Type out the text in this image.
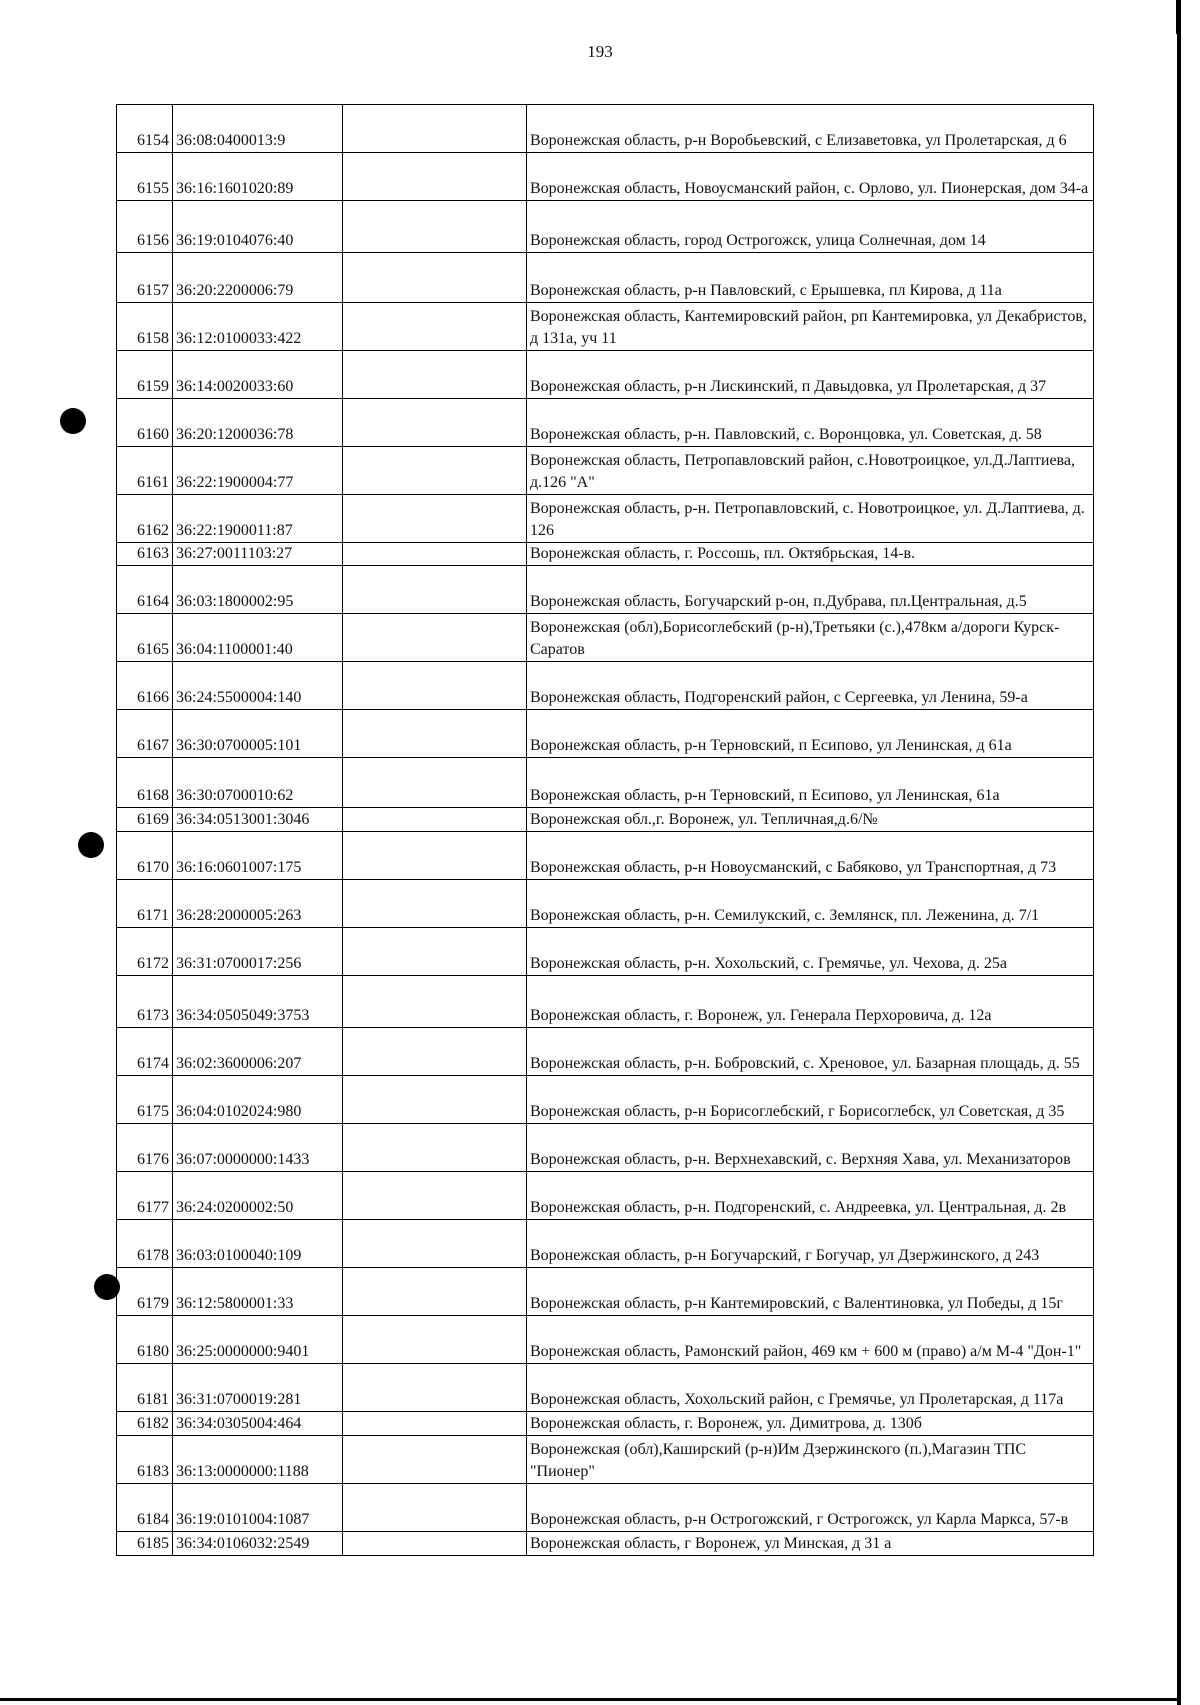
193
6154	36:08:0400013:9		Воронежская область, р-н Воробьевский, с Елизаветовка, ул Пролетарская, д 6
6155	36:16:1601020:89		Воронежская область, Новоусманский район, с. Орлово, ул. Пионерская, дом 34-а
6156	36:19:0104076:40		Воронежская область, город Острогожск, улица Солнечная, дом 14
6157	36:20:2200006:79		Воронежская область, р-н Павловский, с Ерышевка, пл Кирова, д 11а
6158	36:12:0100033:422		Воронежская область, Кантемировский район, рп Кантемировка, ул Декабристов, д 131а, уч 11
6159	36:14:0020033:60		Воронежская область, р-н Лискинский, п Давыдовка, ул Пролетарская, д 37
6160	36:20:1200036:78		Воронежская область, р-н. Павловский, с. Воронцовка, ул. Советская, д. 58
6161	36:22:1900004:77		Воронежская область, Петропавловский район, с.Новотроицкое, ул.Д.Лаптиева, д.126 "А"
6162	36:22:1900011:87		Воронежская область, р-н. Петропавловский, с. Новотроицкое, ул. Д.Лаптиева, д. 126
6163	36:27:0011103:27		Воронежская область, г. Россошь, пл. Октябрьская, 14-в.
6164	36:03:1800002:95		Воронежская область, Богучарский р-он, п.Дубрава, пл.Центральная, д.5
6165	36:04:1100001:40		Воронежская (обл),Борисоглебский (р-н),Третьяки (с.),478км а/дороги Курск-Саратов
6166	36:24:5500004:140		Воронежская область, Подгоренский район, с Сергеевка, ул Ленина, 59-а
6167	36:30:0700005:101		Воронежская область, р-н Терновский, п Есипово, ул Ленинская, д 61а
6168	36:30:0700010:62		Воронежская область, р-н Терновский, п Есипово, ул Ленинская, 61а
6169	36:34:0513001:3046		Воронежская обл.,г. Воронеж, ул. Тепличная,д.6/№
6170	36:16:0601007:175		Воронежская область, р-н Новоусманский, с Бабяково, ул Транспортная, д 73
6171	36:28:2000005:263		Воронежская область, р-н. Семилукский, с. Землянск, пл. Леженина, д. 7/1
6172	36:31:0700017:256		Воронежская область, р-н. Хохольский, с. Гремячье, ул. Чехова, д. 25а
6173	36:34:0505049:3753		Воронежская область, г. Воронеж, ул. Генерала Перхоровича, д. 12а
6174	36:02:3600006:207		Воронежская область, р-н. Бобровский, с. Хреновое, ул. Базарная площадь, д. 55
6175	36:04:0102024:980		Воронежская область, р-н Борисоглебский, г Борисоглебск, ул Советская, д 35
6176	36:07:0000000:1433		Воронежская область, р-н. Верхнехавский, с. Верхняя Хава, ул. Механизаторов
6177	36:24:0200002:50		Воронежская область, р-н. Подгоренский, с. Андреевка, ул. Центральная, д. 2в
6178	36:03:0100040:109		Воронежская область, р-н Богучарский, г Богучар, ул Дзержинского, д 243
6179	36:12:5800001:33		Воронежская область, р-н Кантемировский, с Валентиновка, ул Победы, д 15г
6180	36:25:0000000:9401		Воронежская область, Рамонский район, 469 км + 600 м (право) а/м М-4 "Дон-1"
6181	36:31:0700019:281		Воронежская область, Хохольский район, с Гремячье, ул Пролетарская, д 117а
6182	36:34:0305004:464		Воронежская область, г. Воронеж, ул. Димитрова, д. 130б
6183	36:13:0000000:1188		Воронежская (обл),Каширский (р-н)Им Дзержинского (п.),Магазин ТПС "Пионер"
6184	36:19:0101004:1087		Воронежская область, р-н Острогожский, г Острогожск, ул Карла Маркса, 57-в
6185	36:34:0106032:2549		Воронежская область, г Воронеж, ул Минская, д 31 а
